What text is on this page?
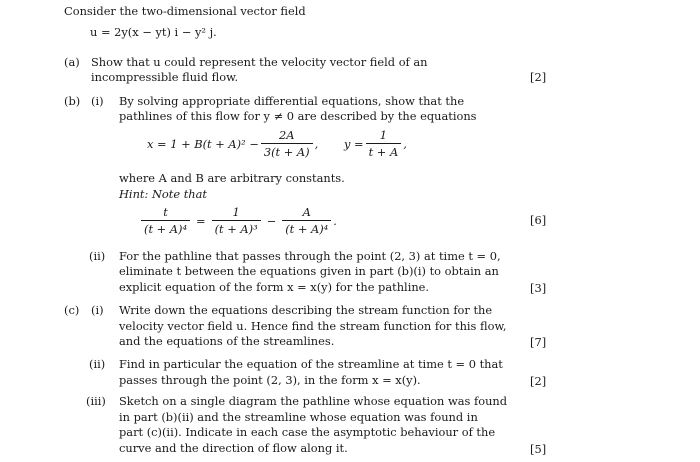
Consider the two-dimensional vector field
u = 2y(x − yt) i − y² j.
(a) Show that u could represent the velocity vector field of an
incompressible fluid flow.	[2]
(b) (i) By solving appropriate differential equations, show that the
pathlines of this flow for y ≠ 0 are described by the equations
$x = 1 + B(t + A)^2 - \frac{2A}{3(t + A)}$ , $y = \frac{1}{t + A}$ ,
where A and B are arbitrary constants.
Hint: Note that
$\frac{t}{\text{(t + A)⁴}} = \frac{1}{\text{(t + A)³}} - \frac{A}{\text{(t + A)⁴}}$ .	[6]
(ii) For the pathline that passes through the point (2, 3) at time t = 0,
eliminate t between the equations given in part (b)(i) to obtain an
explicit equation of the form x = x(y) for the pathline.	[3]
(c) (i) Write down the equations describing the stream function for the
velocity vector field u. Hence find the stream function for this flow,
and the equations of the streamlines.	[7]
(ii) Find in particular the equation of the streamline at time t = 0 that
passes through the point (2, 3), in the form x = x(y).	[2]
(iii) Sketch on a single diagram the pathline whose equation was found
in part (b)(ii) and the streamline whose equation was found in
part (c)(ii). Indicate in each case the asymptotic behaviour of the
curve and the direction of flow along it.	[5]
